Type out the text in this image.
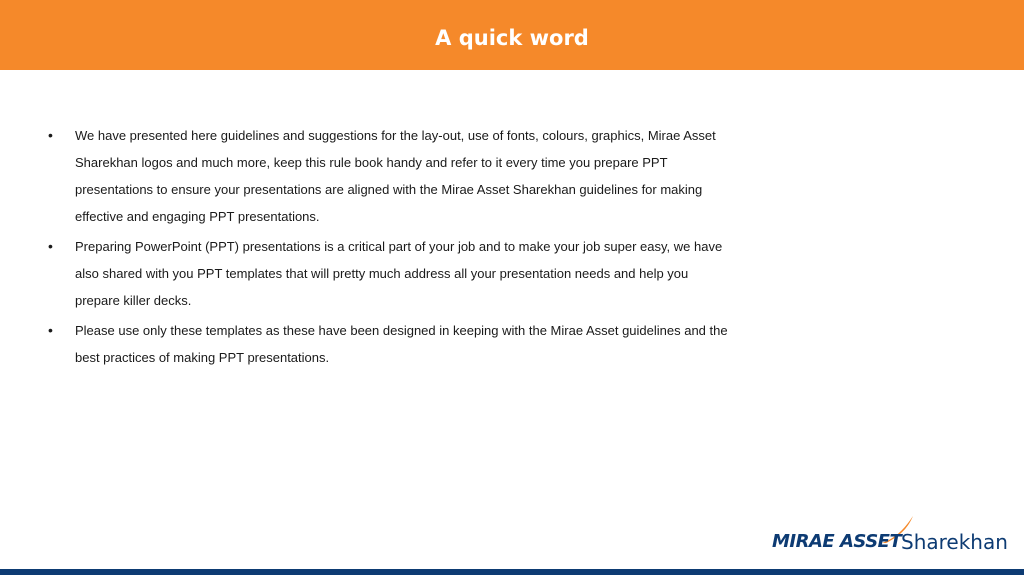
A quick word
• We have presented here guidelines and suggestions for the lay-out, use of fonts, colours, graphics, Mirae Asset Sharekhan logos and much more, keep this rule book handy and refer to it every time you prepare PPT presentations to ensure your presentations are aligned with the Mirae Asset Sharekhan guidelines for making effective and engaging PPT presentations.
• Preparing PowerPoint (PPT) presentations is a critical part of your job and to make your job super easy, we have also shared with you PPT templates that will pretty much address all your presentation needs and help you prepare killer decks.
• Please use only these templates as these have been designed in keeping with the Mirae Asset guidelines and the best practices of making PPT presentations.
MIRAE ASSET Sharekhan
